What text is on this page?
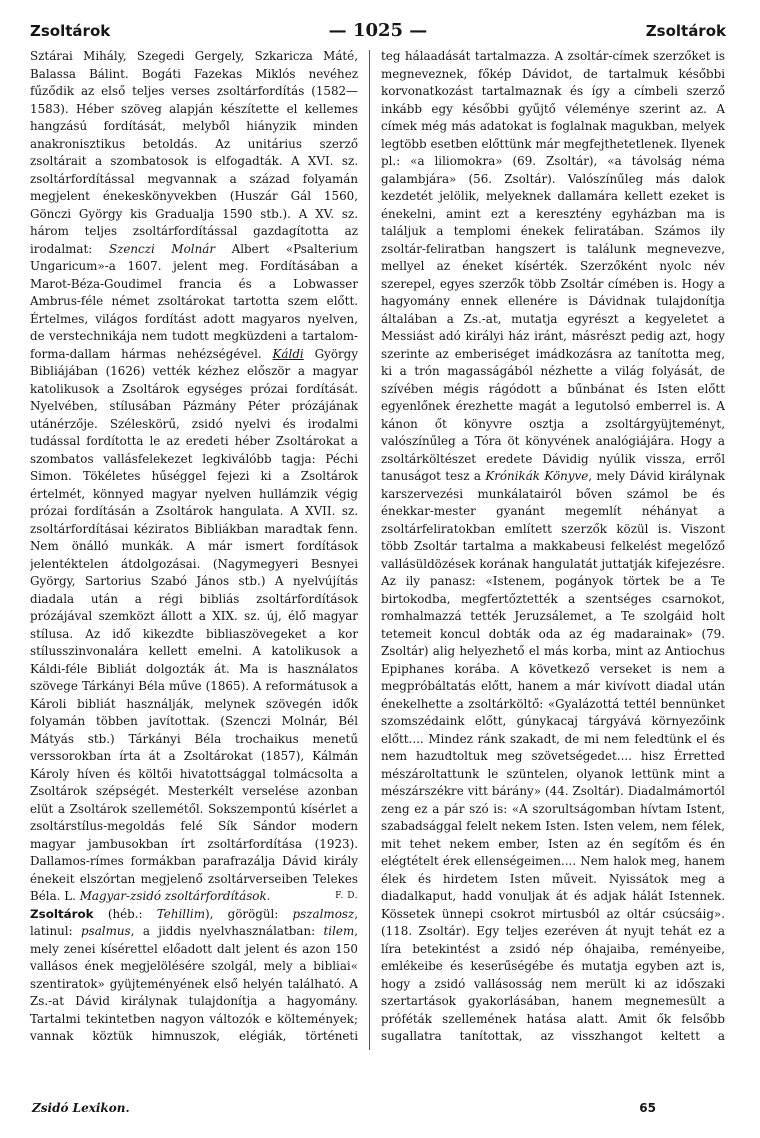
Zsoltárok	— 1025 —	Zsoltárok

Sztárai Mihály, Szegedi Gergely, Szkaricza Máté, Balassa Bálint. Bogáti Fazekas Miklós nevéhez fűződik az első teljes verses zsoltárfordítás (1582—1583). Héber szöveg alapján készítette el kellemes hangzású fordítását, melyből hiányzik minden anakronisztikus betoldás. Az unitárius szerző zsoltárait a szombatosok is elfogadták. A XVI. sz. zsoltárfordítással megvannak a század folyamán megjelent énekeskönyvekben (Huszár Gál 1560, Gönczi György kis Gradualja 1590 stb.). A XV. sz. három teljes zsoltárfordítással gazdagította az irodalmat: Szenczi Molnár Albert «Psalterium Ungaricum»-a 1607. jelent meg. Fordításában a Marot-Béza-Goudimel francia és a Lobwasser Ambrus-féle német zsoltárokat tartotta szem előtt. Értelmes, világos fordítást adott magyaros nyelven, de verstechnikája nem tudott megküzdeni a tartalom-forma-dallam hármas nehézségével. Káldi György Bibliájában (1626) vették kézhez először a magyar katolikusok a Zsoltárok egységes prózai fordítását. Nyelvében, stílusában Pázmány Péter prózájának utánérzője. Széleskörű, zsidó nyelvi és irodalmi tudással fordította le az eredeti héber Zsoltárokat a szombatos vallásfelekezet legkiválóbb tagja: Péchi Simon. Tökéletes hűséggel fejezi ki a Zsoltárok értelmét, könnyed magyar nyelven hullámzik végig prózai fordításán a Zsoltárok hangulata. A XVII. sz. zsoltárfordításai kéziratos Bibliákban maradtak fenn. Nem önálló munkák. A már ismert fordítások jelentéktelen átdolgozásai. (Nagymegyeri Besnyei György, Sartorius Szabó János stb.) A nyelvújítás diadala után a régi bibliás zsoltárfordítások prózájával szemközt állott a XIX. sz. új, élő magyar stílusa. Az idő kikezdte bibliaszövegeket a kor stílusszinvonalára kellett emelni. A katolikusok a Káldi-féle Bibliát dolgozták át. Ma is használatos szövege Tárkányi Béla műve (1865). A reformátusok a Károli bibliát használják, melynek szövegén idők folyamán többen javítottak. (Szenczi Molnár, Bél Mátyás stb.) Tárkányi Béla trochaikus menetű verssorokban írta át a Zsoltárokat (1857), Kálmán Károly híven és költői hivatottsággal tolmácsolta a Zsoltárok szépségét. Mesterkélt verselése azonban elüt a Zsoltárok szellemétől. Sokszempontú kísérlet a zsoltárstílus-megoldás felé Sík Sándor modern magyar jambusokban írt zsoltárfordítása (1923). Dallamos-rímes formákban parafrazálja Dávid király énekeit elszórtan megjelenő zsoltárverseiben Telekes Béla. L. Magyar-zsidó zsoltárfordítások.	F. D.

Zsoltárok (héb.: Tehillim), görögül: pszalmosz, latinul: psalmus, a jiddis nyelvhasználatban: tilem, mely zenei kísérettel előadott dalt jelent és azon 150 vallásos ének megjelölésére szolgál, mely a bibliai« szentiratok» gyüjteményének első helyén található. A Zs.-at Dávid királynak tulajdonítja a hagyomány. Tartalmi tekintetben nagyon változók e költemények; vannak köztük himnuszok, elégiák, történeti

teg hálaadását tartalmazza. A zsoltár-címek szerzőket is megneveznek, főkép Dávidot, de tartalmuk későbbi korvonatkozást tartalmaznak és így a címbeli szerző inkább egy későbbi gyűjtő véleménye szerint az. A címek még más adatokat is foglalnak magukban, melyek legtöbb esetben előttünk már megfejthetetlenek. Ilyenek pl.: «a liliomokra» (69. Zsoltár), «a távolság néma galambjára» (56. Zsoltár). Valószínűleg más dalok kezdetét jelölik, melyeknek dallamára kellett ezeket is énekelni, amint ezt a keresztény egyházban ma is találjuk a templomi énekek feliratában. Számos ily zsoltár-feliratban hangszert is találunk megnevezve, mellyel az éneket kísérték. Szerzőként nyolc név szerepel, egyes szerzők több Zsoltár címében is. Hogy a hagyomány ennek ellenére is Dávidnak tulajdonítja általában a Zs.-at, mutatja egyrészt a kegyeletet a Messiást adó királyi ház iránt, másrészt pedig azt, hogy szerinte az emberiséget imádkozásra az tanította meg, ki a trón magasságából nézhette a világ folyását, de szívében mégis rágódott a bűnbánat és Isten előtt egyenlőnek érezhette magát a legutolsó emberrel is. A kánon őt könyvre osztja a zsoltárgyüjteményt, valószínűleg a Tóra öt könyvének analógiájára. Hogy a zsoltárköltészet eredete Dávidig nyúlik vissza, erről tanuságot tesz a Krónikák Könyve, mely Dávid királynak karszervezési munkálatairól bőven számol be és énekkar-mester gyanánt megemlít néhányat a zsoltárfeliratokban említett szerzők közül is. Viszont több Zsoltár tartalma a makkabeusi felkelést megelőző vallásüldözések korának hangulatát juttatják kifejezésre. Az ily panasz: «Istenem, pogányok törtek be a Te birtokodba, megfertőztették a szentséges csarnokot, romhalmazzá tették Jeruzsálemet, a Te szolgáid holt tetemeit koncul dobták oda az ég madarainak» (79. Zsoltár) alig helyezhető el más korba, mint az Antiochus Epiphanes korába. A következő verseket is nem a megpróbáltatás előtt, hanem a már kivívott diadal után énekelhette a zsoltárköltő: «Gyalázottá tettél bennünket szomszédaink előtt, gúnykacaj tárgyává környezőink előtt.... Mindez ránk szakadt, de mi nem feledtünk el és nem hazudtoltuk meg szövetségedet.... hisz Érretted mészároltattunk le szüntelen, olyanok lettünk mint a mészárszékre vitt bárány» (44. Zsoltár). Diadalmámortól zeng ez a pár szó is: «A szorultságomban hívtam Istent, szabadsággal felelt nekem Isten. Isten velem, nem félek, mit tehet nekem ember, Isten az én segítőm és én elégtételt érek ellenségeimen.... Nem halok meg, hanem élek és hirdetem Isten műveit. Nyissátok meg a diadalkaput, hadd vonuljak át és adjak hálát Istennek. Kössetek ünnepi csokrot mirtusból az oltár csúcsáig». (118. Zsoltár). Egy teljes ezeréven át nyujt tehát ez a líra betekintést a zsidó nép óhajaiba, reményeibe, emlékeibe és keserűségébe és mutatja egyben azt is, hogy a zsidó vallásosság nem merült ki az időszaki szertartások gyakorlásában, hanem megnemesült a próféták szellemének hatása alatt. Amit ők felsőbb sugallatra tanítottak, az visszhangot keltett a

Zsidó Lexikon.	65
